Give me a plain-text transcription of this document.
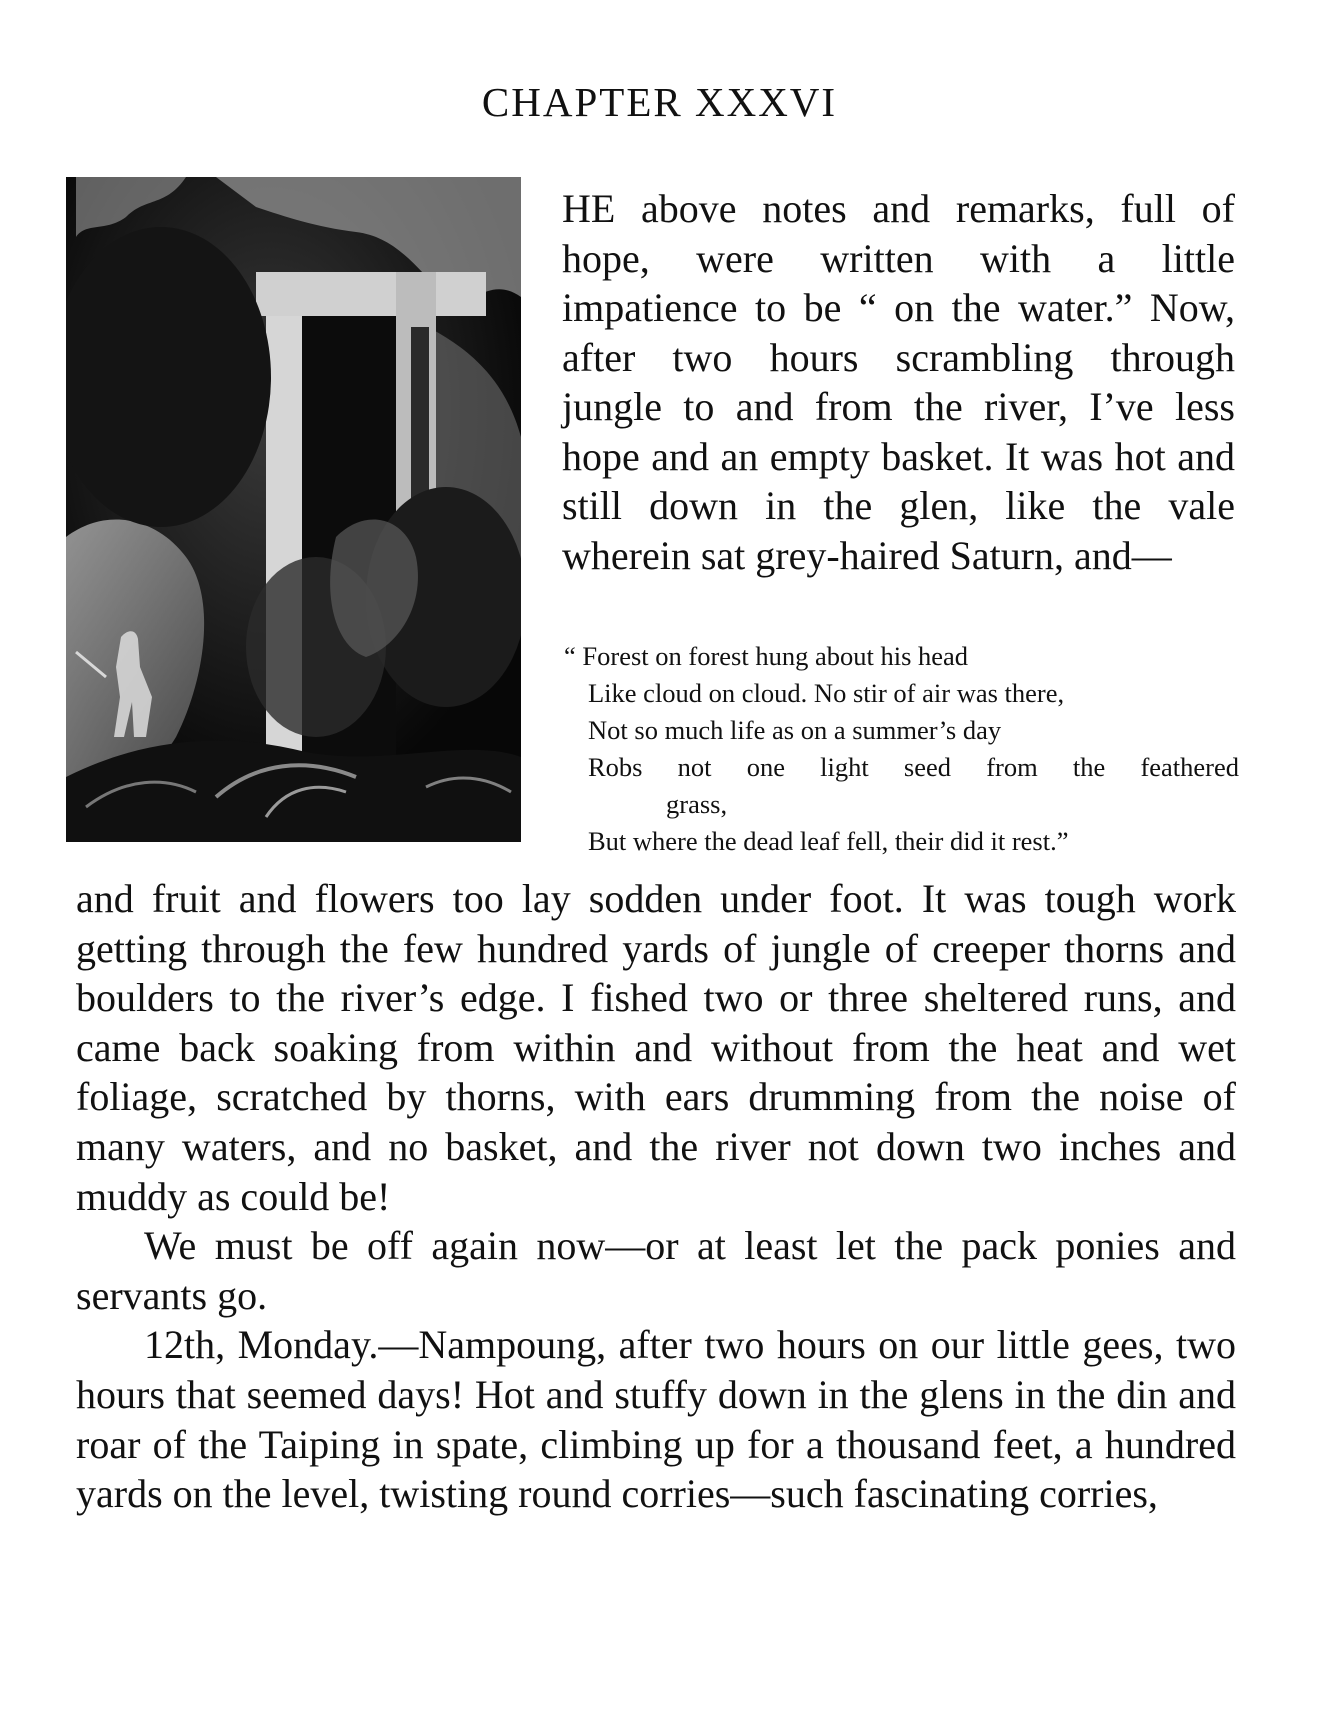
CHAPTER XXXVI

HE above notes and remarks, full of hope, were written with a little impatience to be “ on the water.” Now, after two hours scrambling through jungle to and from the river, I’ve less hope and an empty basket. It was hot and still down in the glen, like the vale wherein sat grey-haired Saturn, and—

“ Forest on forest hung about his head
Like cloud on cloud. No stir of air was there,
Not so much life as on a summer’s day
Robs not one light seed from the feathered
grass,
But where the dead leaf fell, their did it rest.”

and fruit and flowers too lay sodden under foot. It was tough work getting through the few hundred yards of jungle of creeper thorns and boulders to the river’s edge. I fished two or three sheltered runs, and came back soaking from within and without from the heat and wet foliage, scratched by thorns, with ears drumming from the noise of many waters, and no basket, and the river not down two inches and muddy as could be!

We must be off again now—or at least let the pack ponies and servants go.

12th, Monday.—Nampoung, after two hours on our little gees, two hours that seemed days! Hot and stuffy down in the glens in the din and roar of the Taiping in spate, climbing up for a thousand feet, a hundred yards on the level, twisting round corries—such fascinating corries,
